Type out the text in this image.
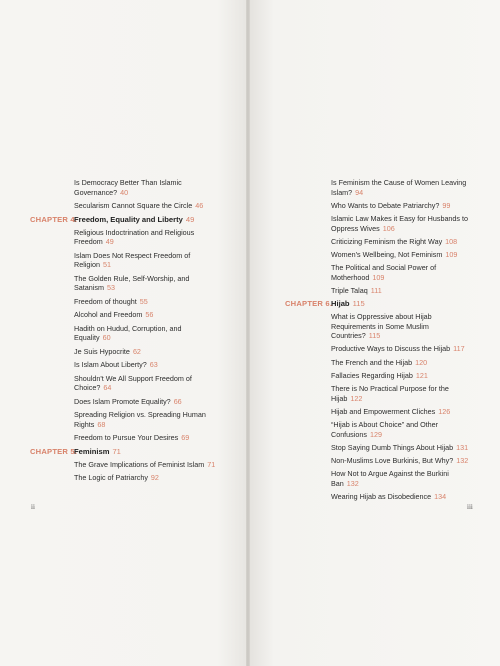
Is Democracy Better Than Islamic
Governance? 40
Secularism Cannot Square the Circle 46
CHAPTER 4.
Freedom, Equality and Liberty 49
Religious Indoctrination and Religious
Freedom 49
Islam Does Not Respect Freedom of
Religion 51
The Golden Rule, Self-Worship, and
Satanism 53
Freedom of thought 55
Alcohol and Freedom 56
Hadith on Hudud, Corruption, and
Equality 60
Je Suis Hypocrite 62
Is Islam About Liberty? 63
Shouldn't We All Support Freedom of
Choice? 64
Does Islam Promote Equality? 66
Spreading Religion vs. Spreading Human
Rights 68
Freedom to Pursue Your Desires 69
CHAPTER 5.
Feminism 71
The Grave Implications of Feminist Islam 71
The Logic of Patriarchy 92
Is Feminism the Cause of Women Leaving
Islam? 94
Who Wants to Debate Patriarchy? 99
Islamic Law Makes it Easy for Husbands to
Oppress Wives 106
Criticizing Feminism the Right Way 108
Women's Wellbeing, Not Feminism 109
The Political and Social Power of
Motherhood 109
Triple Talaq 111
CHAPTER 6.
Hijab 115
What is Oppressive about Hijab
Requirements in Some Muslim
Countries? 115
Productive Ways to Discuss the Hijab 117
The French and the Hijab 120
Fallacies Regarding Hijab 121
There is No Practical Purpose for the
Hijab 122
Hijab and Empowerment Cliches 126
“Hijab is About Choice” and Other
Confusions 129
Stop Saying Dumb Things About Hijab 131
Non-Muslims Love Burkinis, But Why? 132
How Not to Argue Against the Burkini
Ban 132
Wearing Hijab as Disobedience 134
ii	iii
